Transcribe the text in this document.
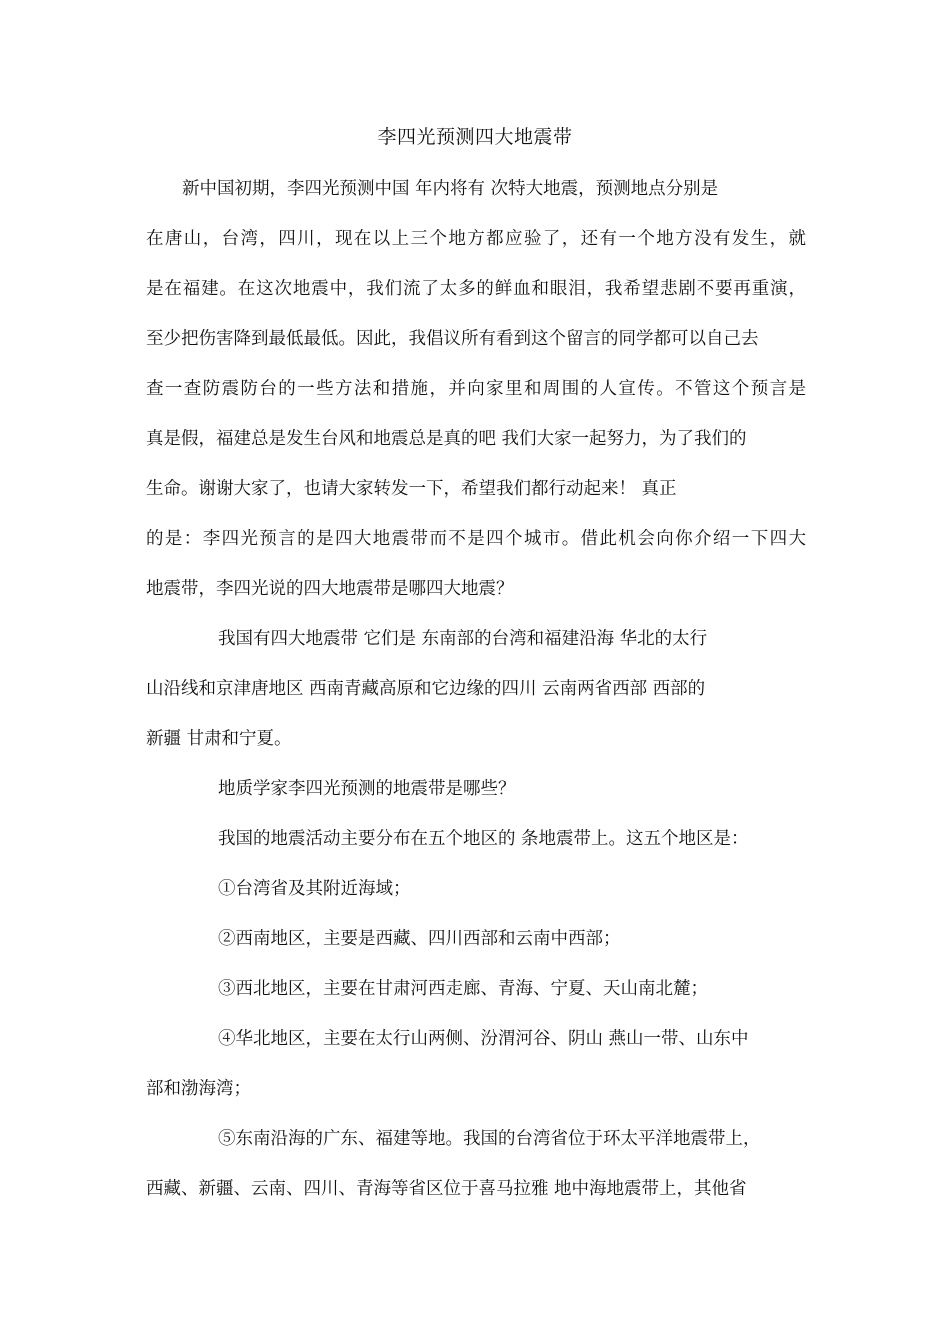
李四光预测四大地震带
新中国初期，李四光预测中国 年内将有 次特大地震，预测地点分别是
在唐山，台湾，四川，现在以上三个地方都应验了，还有一个地方没有发生，就
是在福建。在这次地震中，我们流了太多的鲜血和眼泪，我希望悲剧不要再重演，
至少把伤害降到最低最低。因此，我倡议所有看到这个留言的同学都可以自己去
查一查防震防台的一些方法和措施，并向家里和周围的人宣传。不管这个预言是
真是假，福建总是发生台风和地震总是真的吧 我们大家一起努力，为了我们的
生命。谢谢大家了，也请大家转发一下，希望我们都行动起来！ 真正
的是：李四光预言的是四大地震带而不是四个城市。借此机会向你介绍一下四大
地震带，李四光说的四大地震带是哪四大地震？
我国有四大地震带 它们是 东南部的台湾和福建沿海 华北的太行
山沿线和京津唐地区 西南青藏高原和它边缘的四川 云南两省西部 西部的
新疆 甘肃和宁夏。
地质学家李四光预测的地震带是哪些？
我国的地震活动主要分布在五个地区的 条地震带上。这五个地区是：
①台湾省及其附近海域；
②西南地区，主要是西藏、四川西部和云南中西部；
③西北地区，主要在甘肃河西走廊、青海、宁夏、天山南北麓；
④华北地区，主要在太行山两侧、汾渭河谷、阴山 燕山一带、山东中
部和渤海湾；
⑤东南沿海的广东、福建等地。我国的台湾省位于环太平洋地震带上，
西藏、新疆、云南、四川、青海等省区位于喜马拉雅 地中海地震带上，其他省
